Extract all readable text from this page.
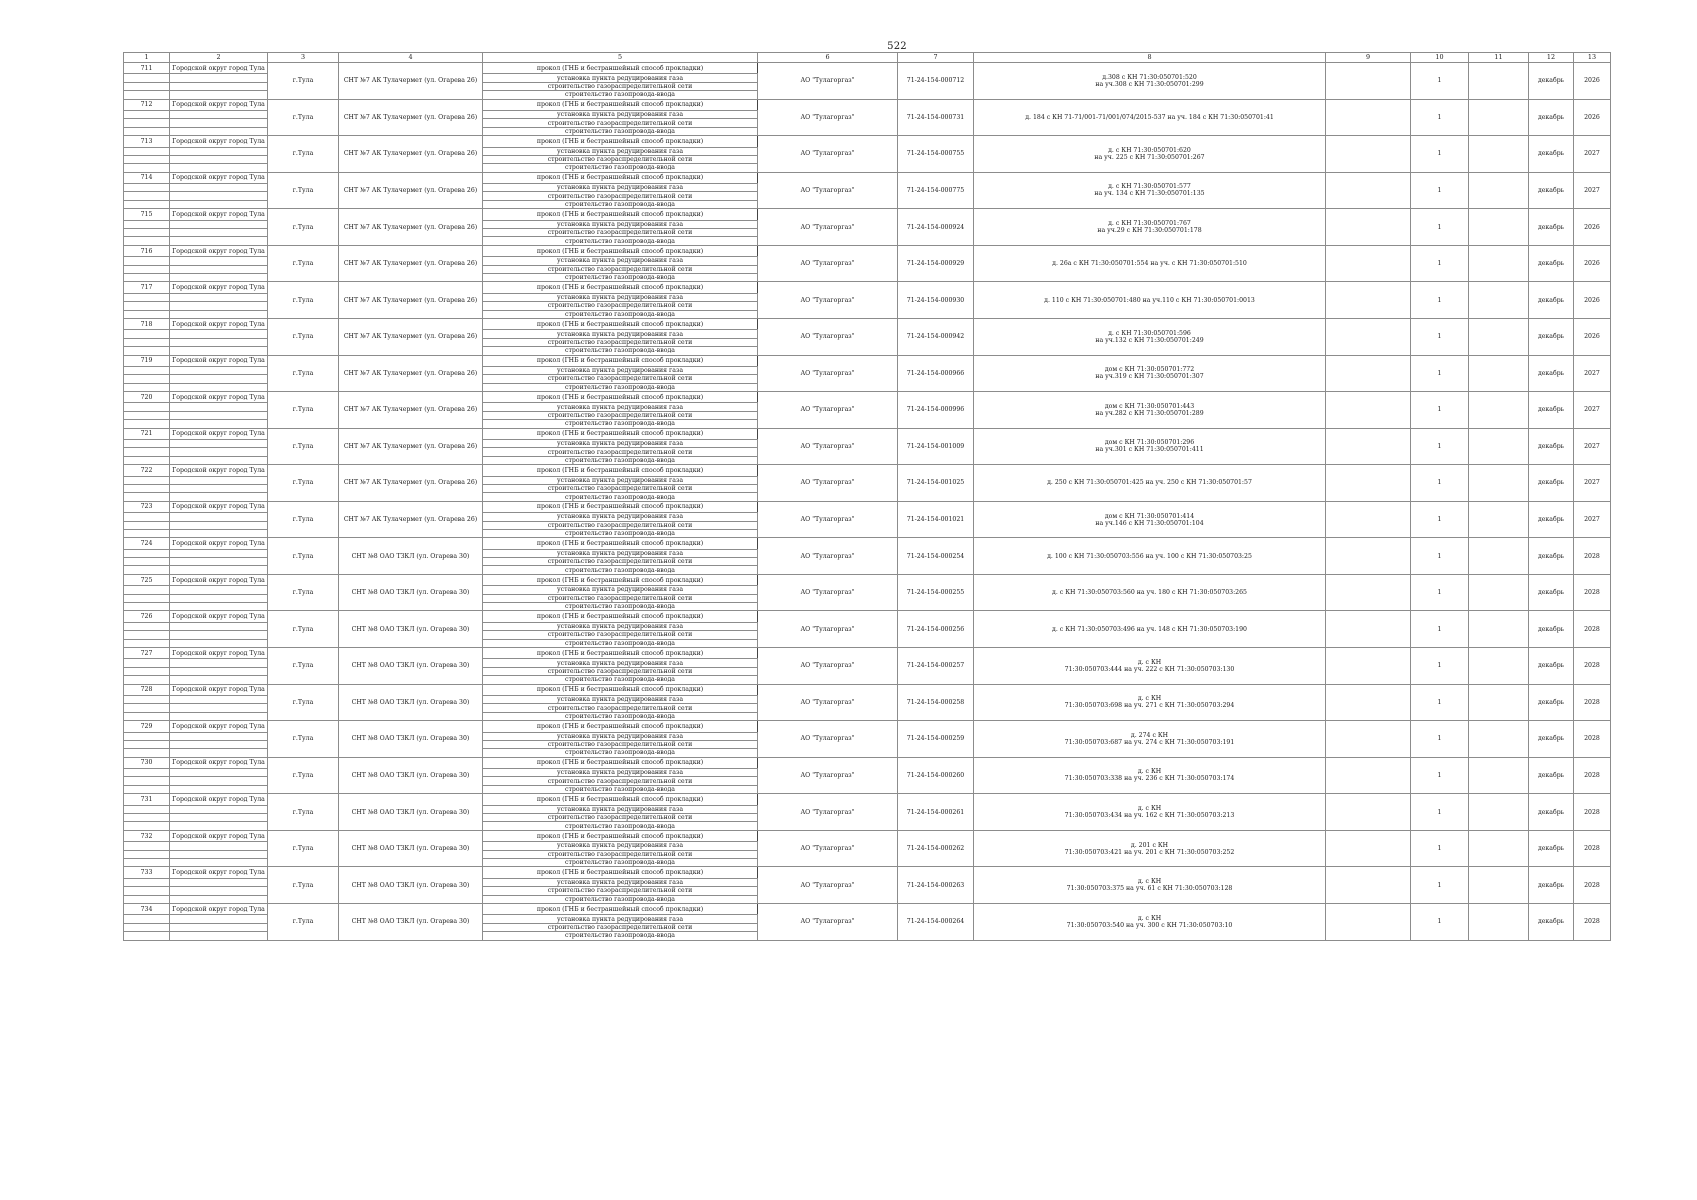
522
1	2	3	4	5	6	7	8	9	10	11	12	13
711	Городской округ город Тула	г.Тула	СНТ №7 АК Тулачермет (ул. Огарева 26)	прокол (ГНБ и бестраншейный способ прокладки)	АО "Тулагоргаз"	71-24-154-000712	д.308 с КН 71:30:050701:520
на уч.308 с КН 71:30:050701:299		1		декабрь	2026
				установка пункта редуцирования газа								
				строительство газораспределительной сети								
				строительство газопровода-ввода								
712	Городской округ город Тула	г.Тула	СНТ №7 АК Тулачермет (ул. Огарева 26)	прокол (ГНБ и бестраншейный способ прокладки)	АО "Тулагоргаз"	71-24-154-000731	д. 184 с КН 71-71/001-71/001/074/2015-537 на уч. 184 с КН 71:30:050701:41		1		декабрь	2026
				установка пункта редуцирования газа								
				строительство газораспределительной сети								
				строительство газопровода-ввода								
713	Городской округ город Тула	г.Тула	СНТ №7 АК Тулачермет (ул. Огарева 26)	прокол (ГНБ и бестраншейный способ прокладки)	АО "Тулагоргаз"	71-24-154-000755	д. с КН 71:30:050701:620
на уч. 225 с КН 71:30:050701:267		1		декабрь	2027
				установка пункта редуцирования газа								
				строительство газораспределительной сети								
				строительство газопровода-ввода								
714	Городской округ город Тула	г.Тула	СНТ №7 АК Тулачермет (ул. Огарева 26)	прокол (ГНБ и бестраншейный способ прокладки)	АО "Тулагоргаз"	71-24-154-000775	д. с КН 71:30:050701:577
на уч. 134 с КН 71:30:050701:135		1		декабрь	2027
				установка пункта редуцирования газа								
				строительство газораспределительной сети								
				строительство газопровода-ввода								
715	Городской округ город Тула	г.Тула	СНТ №7 АК Тулачермет (ул. Огарева 26)	прокол (ГНБ и бестраншейный способ прокладки)	АО "Тулагоргаз"	71-24-154-000924	д. с КН 71:30:050701:767
на уч.29 с КН 71:30:050701:178		1		декабрь	2026
				установка пункта редуцирования газа								
				строительство газораспределительной сети								
				строительство газопровода-ввода								
716	Городской округ город Тула	г.Тула	СНТ №7 АК Тулачермет (ул. Огарева 26)	прокол (ГНБ и бестраншейный способ прокладки)	АО "Тулагоргаз"	71-24-154-000929	д. 26а с КН 71:30:050701:554 на уч. с КН 71:30:050701:510		1		декабрь	2026
				установка пункта редуцирования газа								
				строительство газораспределительной сети								
				строительство газопровода-ввода								
717	Городской округ город Тула	г.Тула	СНТ №7 АК Тулачермет (ул. Огарева 26)	прокол (ГНБ и бестраншейный способ прокладки)	АО "Тулагоргаз"	71-24-154-000930	д. 110 с КН 71:30:050701:480 на уч.110 с КН 71:30:050701:0013		1		декабрь	2026
				установка пункта редуцирования газа								
				строительство газораспределительной сети								
				строительство газопровода-ввода								
718	Городской округ город Тула	г.Тула	СНТ №7 АК Тулачермет (ул. Огарева 26)	прокол (ГНБ и бестраншейный способ прокладки)	АО "Тулагоргаз"	71-24-154-000942	д. с КН 71:30:050701:596
на уч.132 с КН 71:30:050701:249		1		декабрь	2026
				установка пункта редуцирования газа								
				строительство газораспределительной сети								
				строительство газопровода-ввода								
719	Городской округ город Тула	г.Тула	СНТ №7 АК Тулачермет (ул. Огарева 26)	прокол (ГНБ и бестраншейный способ прокладки)	АО "Тулагоргаз"	71-24-154-000966	дом с КН 71:30:050701:772
на уч.319 с КН 71:30:050701:307		1		декабрь	2027
				установка пункта редуцирования газа								
				строительство газораспределительной сети								
				строительство газопровода-ввода								
720	Городской округ город Тула	г.Тула	СНТ №7 АК Тулачермет (ул. Огарева 26)	прокол (ГНБ и бестраншейный способ прокладки)	АО "Тулагоргаз"	71-24-154-000996	дом с КН 71:30:050701:443
на уч.282 с КН 71:30:050701:289		1		декабрь	2027
				установка пункта редуцирования газа								
				строительство газораспределительной сети								
				строительство газопровода-ввода								
721	Городской округ город Тула	г.Тула	СНТ №7 АК Тулачермет (ул. Огарева 26)	прокол (ГНБ и бестраншейный способ прокладки)	АО "Тулагоргаз"	71-24-154-001009	дом с КН 71:30:050701:296
на уч.301 с КН 71:30:050701:411		1		декабрь	2027
				установка пункта редуцирования газа								
				строительство газораспределительной сети								
				строительство газопровода-ввода								
722	Городской округ город Тула	г.Тула	СНТ №7 АК Тулачермет (ул. Огарева 26)	прокол (ГНБ и бестраншейный способ прокладки)	АО "Тулагоргаз"	71-24-154-001025	д. 250 с КН 71:30:050701:425 на уч. 250 с КН 71:30:050701:57		1		декабрь	2027
				установка пункта редуцирования газа								
				строительство газораспределительной сети								
				строительство газопровода-ввода								
723	Городской округ город Тула	г.Тула	СНТ №7 АК Тулачермет (ул. Огарева 26)	прокол (ГНБ и бестраншейный способ прокладки)	АО "Тулагоргаз"	71-24-154-001021	дом с КН 71:30:050701:414
на уч.146 с КН 71:30:050701:104		1		декабрь	2027
				установка пункта редуцирования газа								
				строительство газораспределительной сети								
				строительство газопровода-ввода								
724	Городской округ город Тула	г.Тула	СНТ №8 ОАО ТЗКЛ (ул. Огарева 30)	прокол (ГНБ и бестраншейный способ прокладки)	АО "Тулагоргаз"	71-24-154-000254	д. 100 с КН 71:30:050703:556 на уч. 100 с КН 71:30:050703:25		1		декабрь	2028
				установка пункта редуцирования газа								
				строительство газораспределительной сети								
				строительство газопровода-ввода								
725	Городской округ город Тула	г.Тула	СНТ №8 ОАО ТЗКЛ (ул. Огарева 30)	прокол (ГНБ и бестраншейный способ прокладки)	АО "Тулагоргаз"	71-24-154-000255	д. с КН 71:30:050703:560 на уч. 180 с КН 71:30:050703:265		1		декабрь	2028
				установка пункта редуцирования газа								
				строительство газораспределительной сети								
				строительство газопровода-ввода								
726	Городской округ город Тула	г.Тула	СНТ №8 ОАО ТЗКЛ (ул. Огарева 30)	прокол (ГНБ и бестраншейный способ прокладки)	АО "Тулагоргаз"	71-24-154-000256	д. с КН 71:30:050703:496 на уч. 148 с КН 71:30:050703:190		1		декабрь	2028
				установка пункта редуцирования газа								
				строительство газораспределительной сети								
				строительство газопровода-ввода								
727	Городской округ город Тула	г.Тула	СНТ №8 ОАО ТЗКЛ (ул. Огарева 30)	прокол (ГНБ и бестраншейный способ прокладки)	АО "Тулагоргаз"	71-24-154-000257	д. с КН
71:30:050703:444 на уч. 222 с КН 71:30:050703:130		1		декабрь	2028
				установка пункта редуцирования газа								
				строительство газораспределительной сети								
				строительство газопровода-ввода								
728	Городской округ город Тула	г.Тула	СНТ №8 ОАО ТЗКЛ (ул. Огарева 30)	прокол (ГНБ и бестраншейный способ прокладки)	АО "Тулагоргаз"	71-24-154-000258	д. с КН
71:30:050703:698 на уч. 271 с КН 71:30:050703:294		1		декабрь	2028
				установка пункта редуцирования газа								
				строительство газораспределительной сети								
				строительство газопровода-ввода								
729	Городской округ город Тула	г.Тула	СНТ №8 ОАО ТЗКЛ (ул. Огарева 30)	прокол (ГНБ и бестраншейный способ прокладки)	АО "Тулагоргаз"	71-24-154-000259	д. 274 с КН
71:30:050703:687 на уч. 274 с КН 71:30:050703:191		1		декабрь	2028
				установка пункта редуцирования газа								
				строительство газораспределительной сети								
				строительство газопровода-ввода								
730	Городской округ город Тула	г.Тула	СНТ №8 ОАО ТЗКЛ (ул. Огарева 30)	прокол (ГНБ и бестраншейный способ прокладки)	АО "Тулагоргаз"	71-24-154-000260	д. с КН
71:30:050703:338 на уч. 236 с КН 71:30:050703:174		1		декабрь	2028
				установка пункта редуцирования газа								
				строительство газораспределительной сети								
				строительство газопровода-ввода								
731	Городской округ город Тула	г.Тула	СНТ №8 ОАО ТЗКЛ (ул. Огарева 30)	прокол (ГНБ и бестраншейный способ прокладки)	АО "Тулагоргаз"	71-24-154-000261	д. с КН
71:30:050703:434 на уч. 162 с КН 71:30:050703:213		1		декабрь	2028
				установка пункта редуцирования газа								
				строительство газораспределительной сети								
				строительство газопровода-ввода								
732	Городской округ город Тула	г.Тула	СНТ №8 ОАО ТЗКЛ (ул. Огарева 30)	прокол (ГНБ и бестраншейный способ прокладки)	АО "Тулагоргаз"	71-24-154-000262	д. 201 с КН
71:30:050703:421 на уч. 201 с КН 71:30:050703:252		1		декабрь	2028
				установка пункта редуцирования газа								
				строительство газораспределительной сети								
				строительство газопровода-ввода								
733	Городской округ город Тула	г.Тула	СНТ №8 ОАО ТЗКЛ (ул. Огарева 30)	прокол (ГНБ и бестраншейный способ прокладки)	АО "Тулагоргаз"	71-24-154-000263	д. с КН
71:30:050703:375 на уч. 61 с КН 71:30:050703:128		1		декабрь	2028
				установка пункта редуцирования газа								
				строительство газораспределительной сети								
				строительство газопровода-ввода								
734	Городской округ город Тула	г.Тула	СНТ №8 ОАО ТЗКЛ (ул. Огарева 30)	прокол (ГНБ и бестраншейный способ прокладки)	АО "Тулагоргаз"	71-24-154-000264	д. с КН
71:30:050703:540 на уч. 300 с КН 71:30:050703:10		1		декабрь	2028
				установка пункта редуцирования газа								
				строительство газораспределительной сети								
				строительство газопровода-ввода								
